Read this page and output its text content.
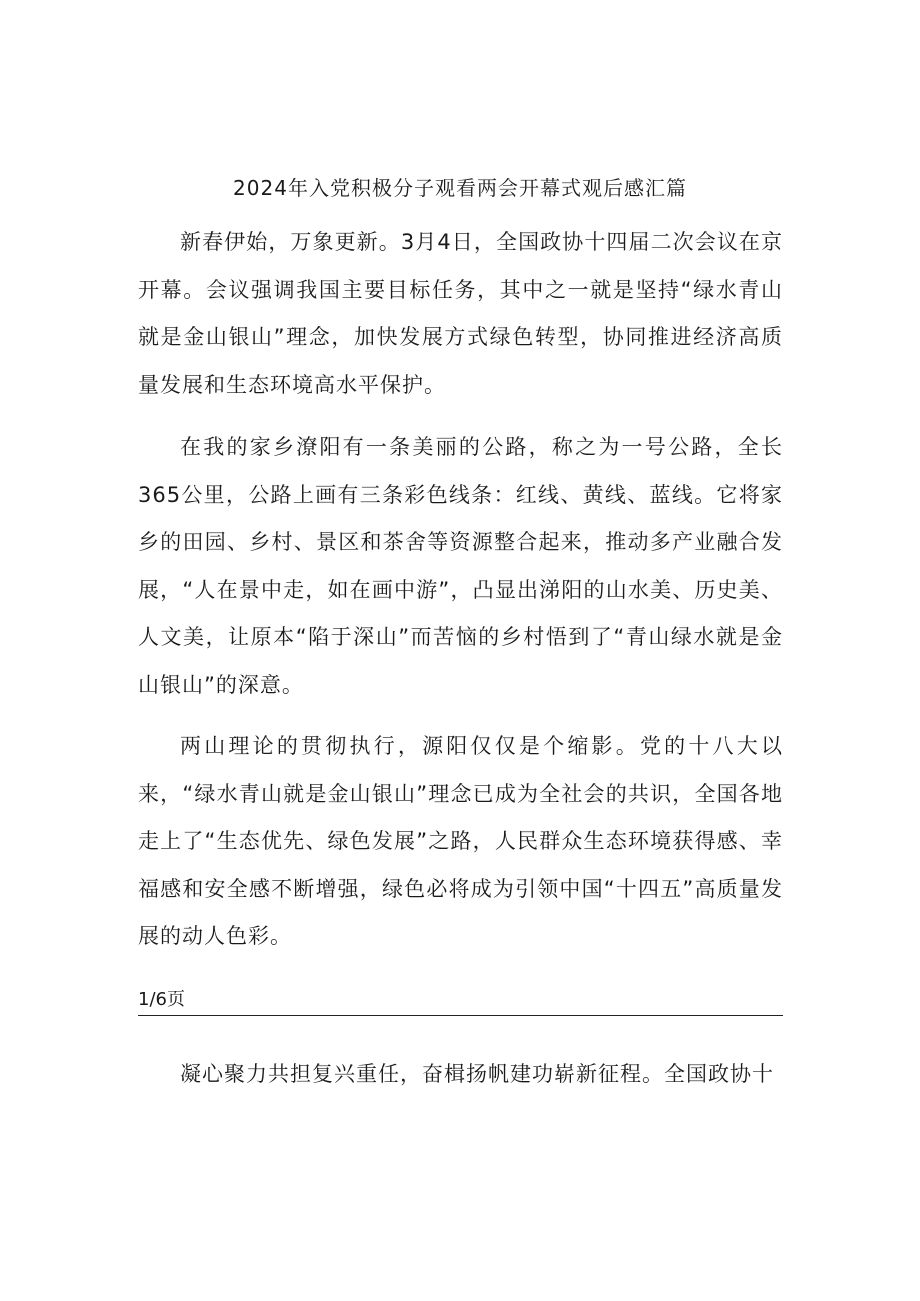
2024年入党积极分子观看两会开幕式观后感汇篇

新春伊始，万象更新。3月4日，全国政协十四届二次会议在京开幕。会议强调我国主要目标任务，其中之一就是坚持“绿水青山就是金山银山”理念，加快发展方式绿色转型，协同推进经济高质量发展和生态环境高水平保护。

在我的家乡潦阳有一条美丽的公路，称之为一号公路，全长365公里，公路上画有三条彩色线条：红线、黄线、蓝线。它将家乡的田园、乡村、景区和茶舍等资源整合起来，推动多产业融合发展，“人在景中走，如在画中游”，凸显出涕阳的山水美、历史美、人文美，让原本“陷于深山”而苦恼的乡村悟到了“青山绿水就是金山银山”的深意。

两山理论的贯彻执行，源阳仅仅是个缩影。党的十八大以来，“绿水青山就是金山银山”理念已成为全社会的共识，全国各地走上了“生态优先、绿色发展”之路，人民群众生态环境获得感、幸福感和安全感不断增强，绿色必将成为引领中国“十四五”高质量发展的动人色彩。

1/6页

凝心聚力共担复兴重任，奋楫扬帆建功崭新征程。全国政协十
